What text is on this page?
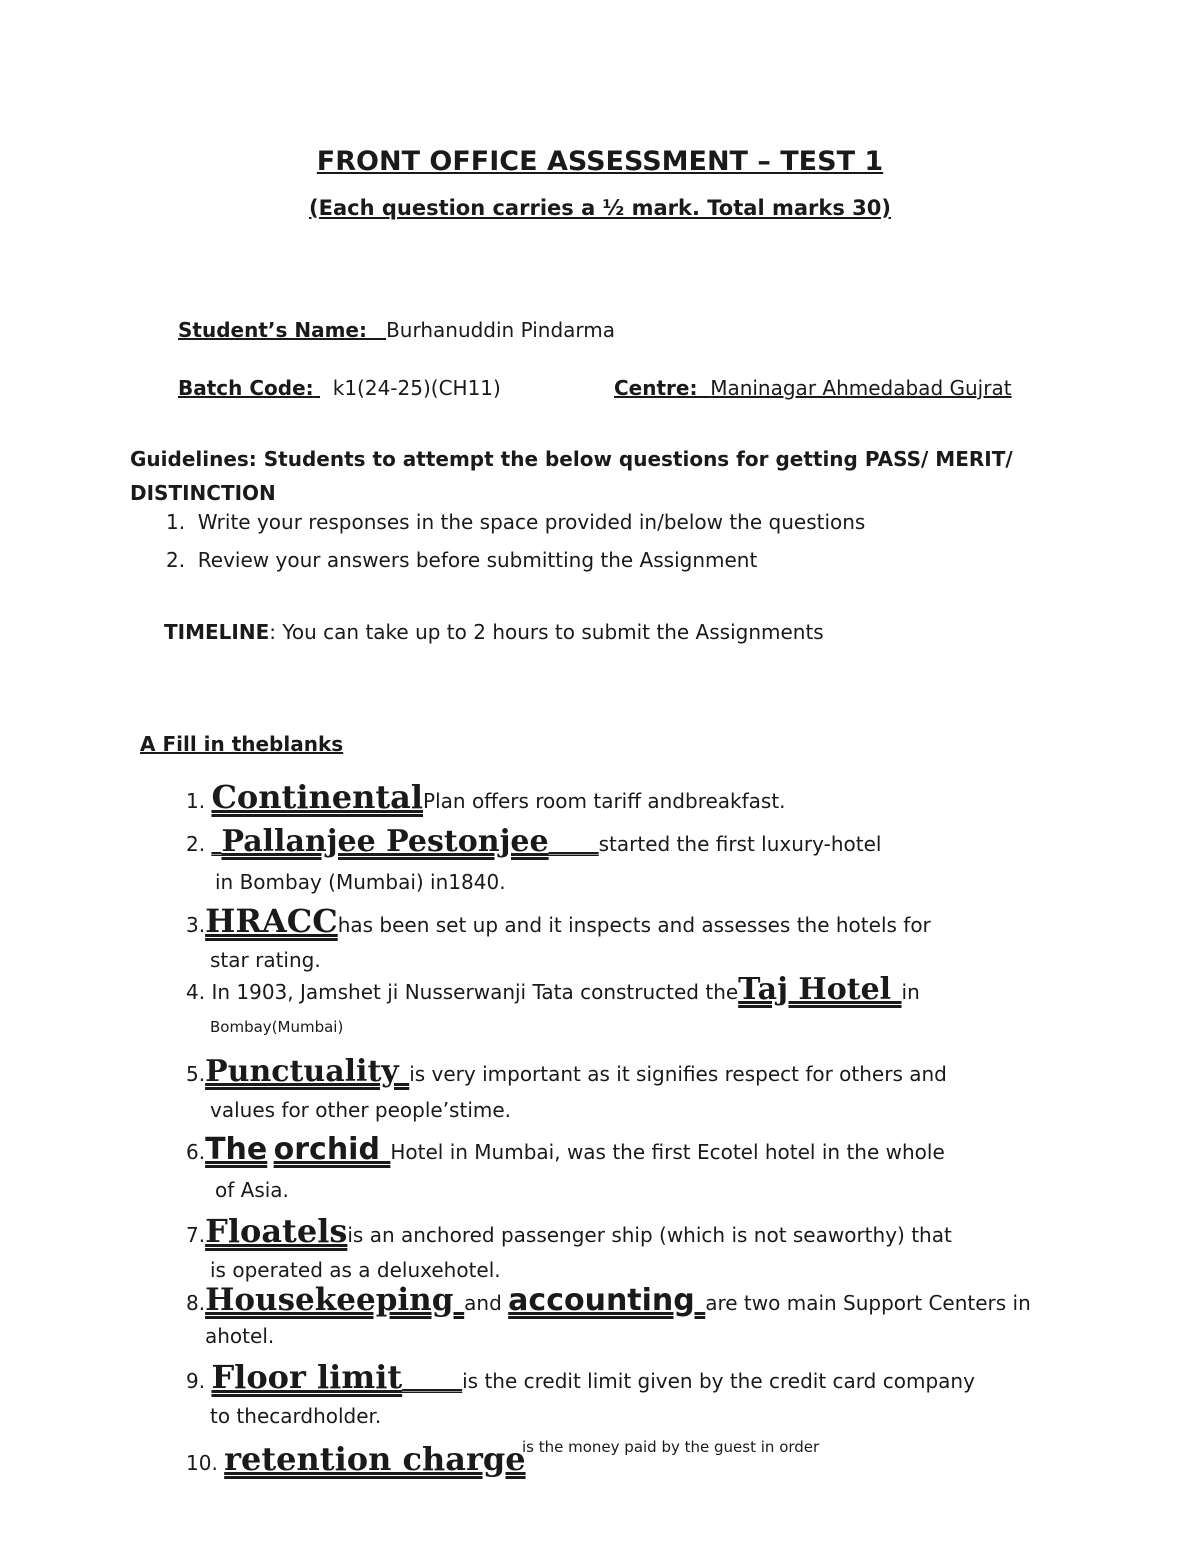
FRONT OFFICE ASSESSMENT – TEST 1
(Each question carries a ½ mark. Total marks 30)
Student’s Name: Burhanuddin Pindarma
Batch Code: k1(24-25)(CH11)	Centre: Maninagar Ahmedabad Gujrat
Guidelines: Students to attempt the below questions for getting PASS/ MERIT/ DISTINCTION
1.  Write your responses in the space provided in/below the questions
2.  Review your answers before submitting the Assignment
TIMELINE: You can take up to 2 hours to submit the Assignments
A Fill in theblanks
1. ContinentalPlan offers room tariff andbreakfast.
2. _Pallanjee Pestonjee_____started the first luxury-hotel
in Bombay (Mumbai) in1840.
3.HRACChas been set up and it inspects and assesses the hotels for
star rating.
4. In 1903, Jamshet ji Nusserwanji Tata constructed theTaj Hotel in
Bombay(Mumbai)
5.Punctuality is very important as it signifies respect for others and
values for other people’stime.
6.The orchid Hotel in Mumbai, was the first Ecotel hotel in the whole
of Asia.
7.Floatelsis an anchored passenger ship (which is not seaworthy) that
is operated as a deluxehotel.
8.Housekeeping and accounting are two main Support Centers in
ahotel.
9. Floor limit______is the credit limit given by the credit card company
to thecardholder.
10. retention charge
is the money paid by the guest in order
